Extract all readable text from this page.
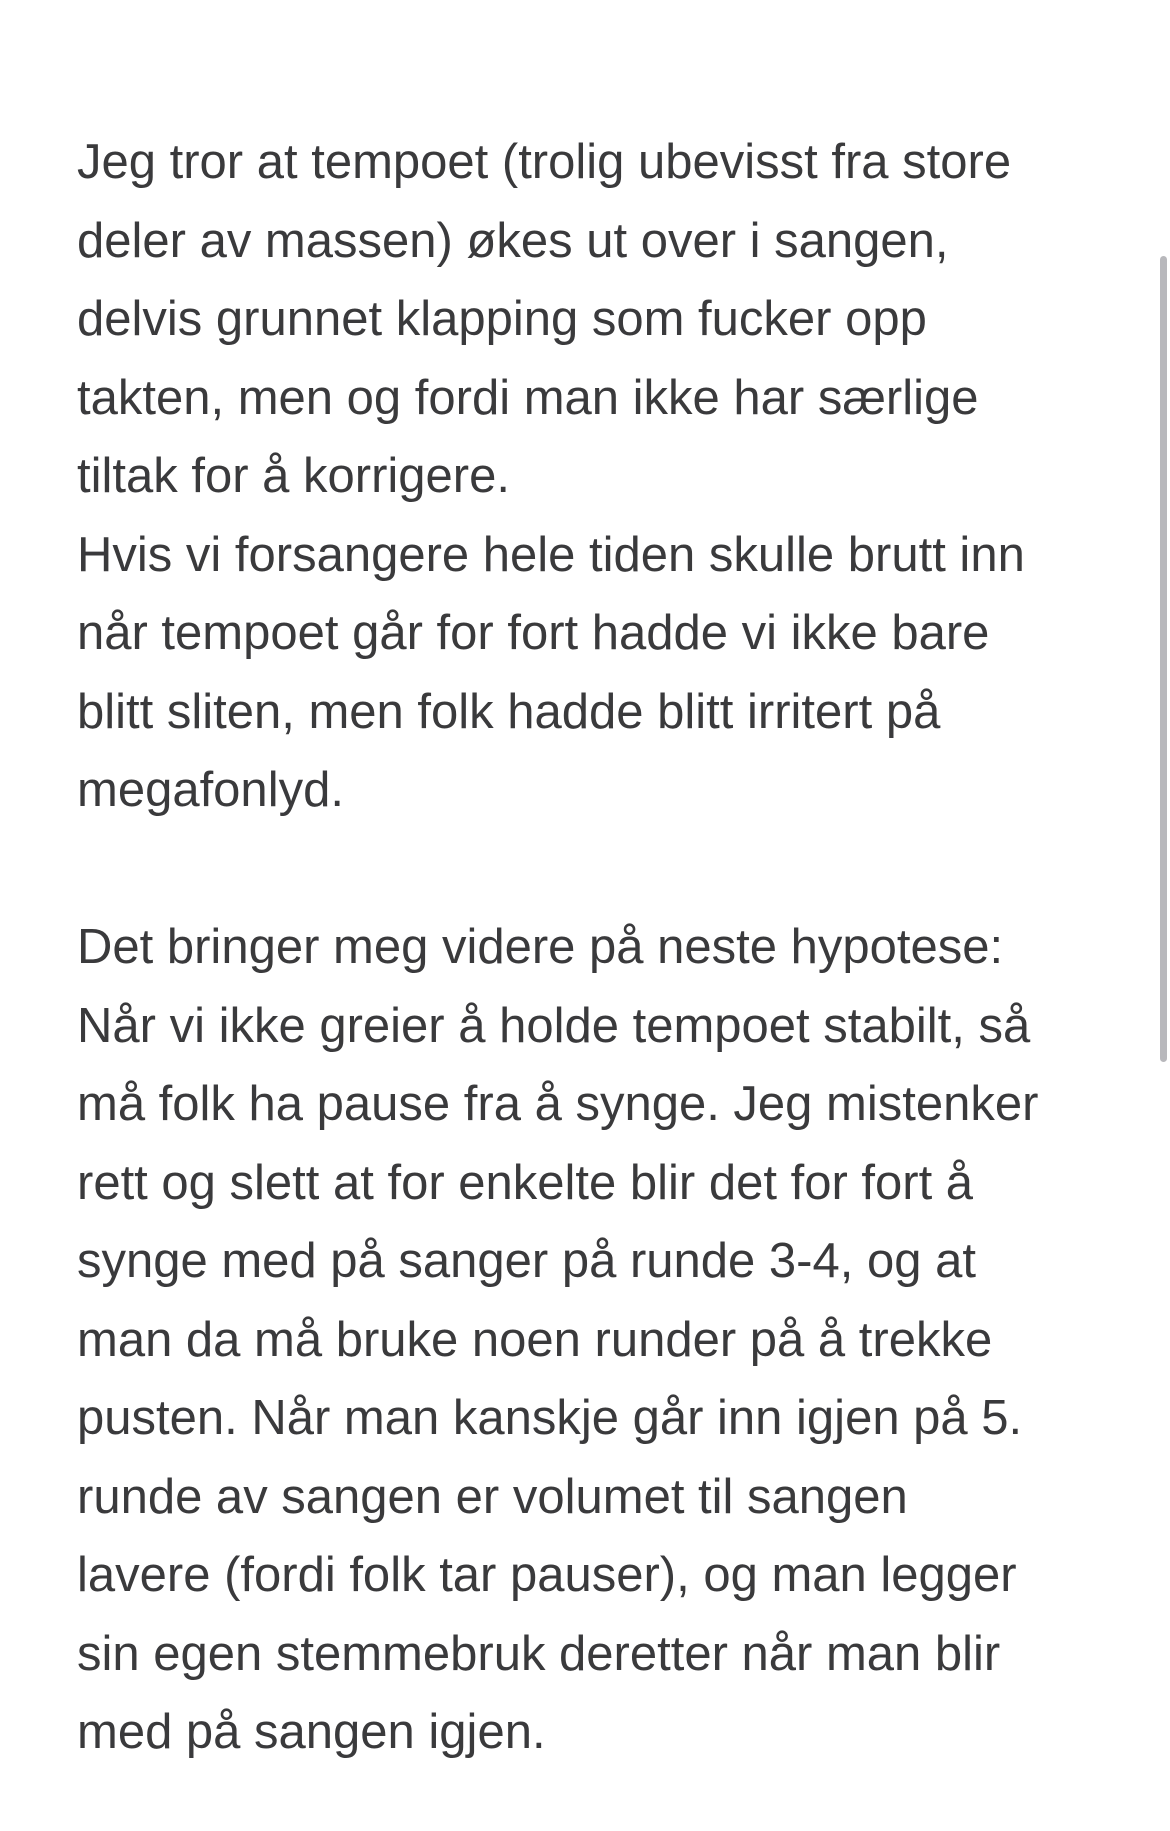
Jeg tror at tempoet (trolig ubevisst fra store
deler av massen) økes ut over i sangen,
delvis grunnet klapping som fucker opp
takten, men og fordi man ikke har særlige
tiltak for å korrigere.
Hvis vi forsangere hele tiden skulle brutt inn
når tempoet går for fort hadde vi ikke bare
blitt sliten, men folk hadde blitt irritert på
megafonlyd.
Det bringer meg videre på neste hypotese:
Når vi ikke greier å holde tempoet stabilt, så
må folk ha pause fra å synge. Jeg mistenker
rett og slett at for enkelte blir det for fort å
synge med på sanger på runde 3-4, og at
man da må bruke noen runder på å trekke
pusten. Når man kanskje går inn igjen på 5.
runde av sangen er volumet til sangen
lavere (fordi folk tar pauser), og man legger
sin egen stemmebruk deretter når man blir
med på sangen igjen.
